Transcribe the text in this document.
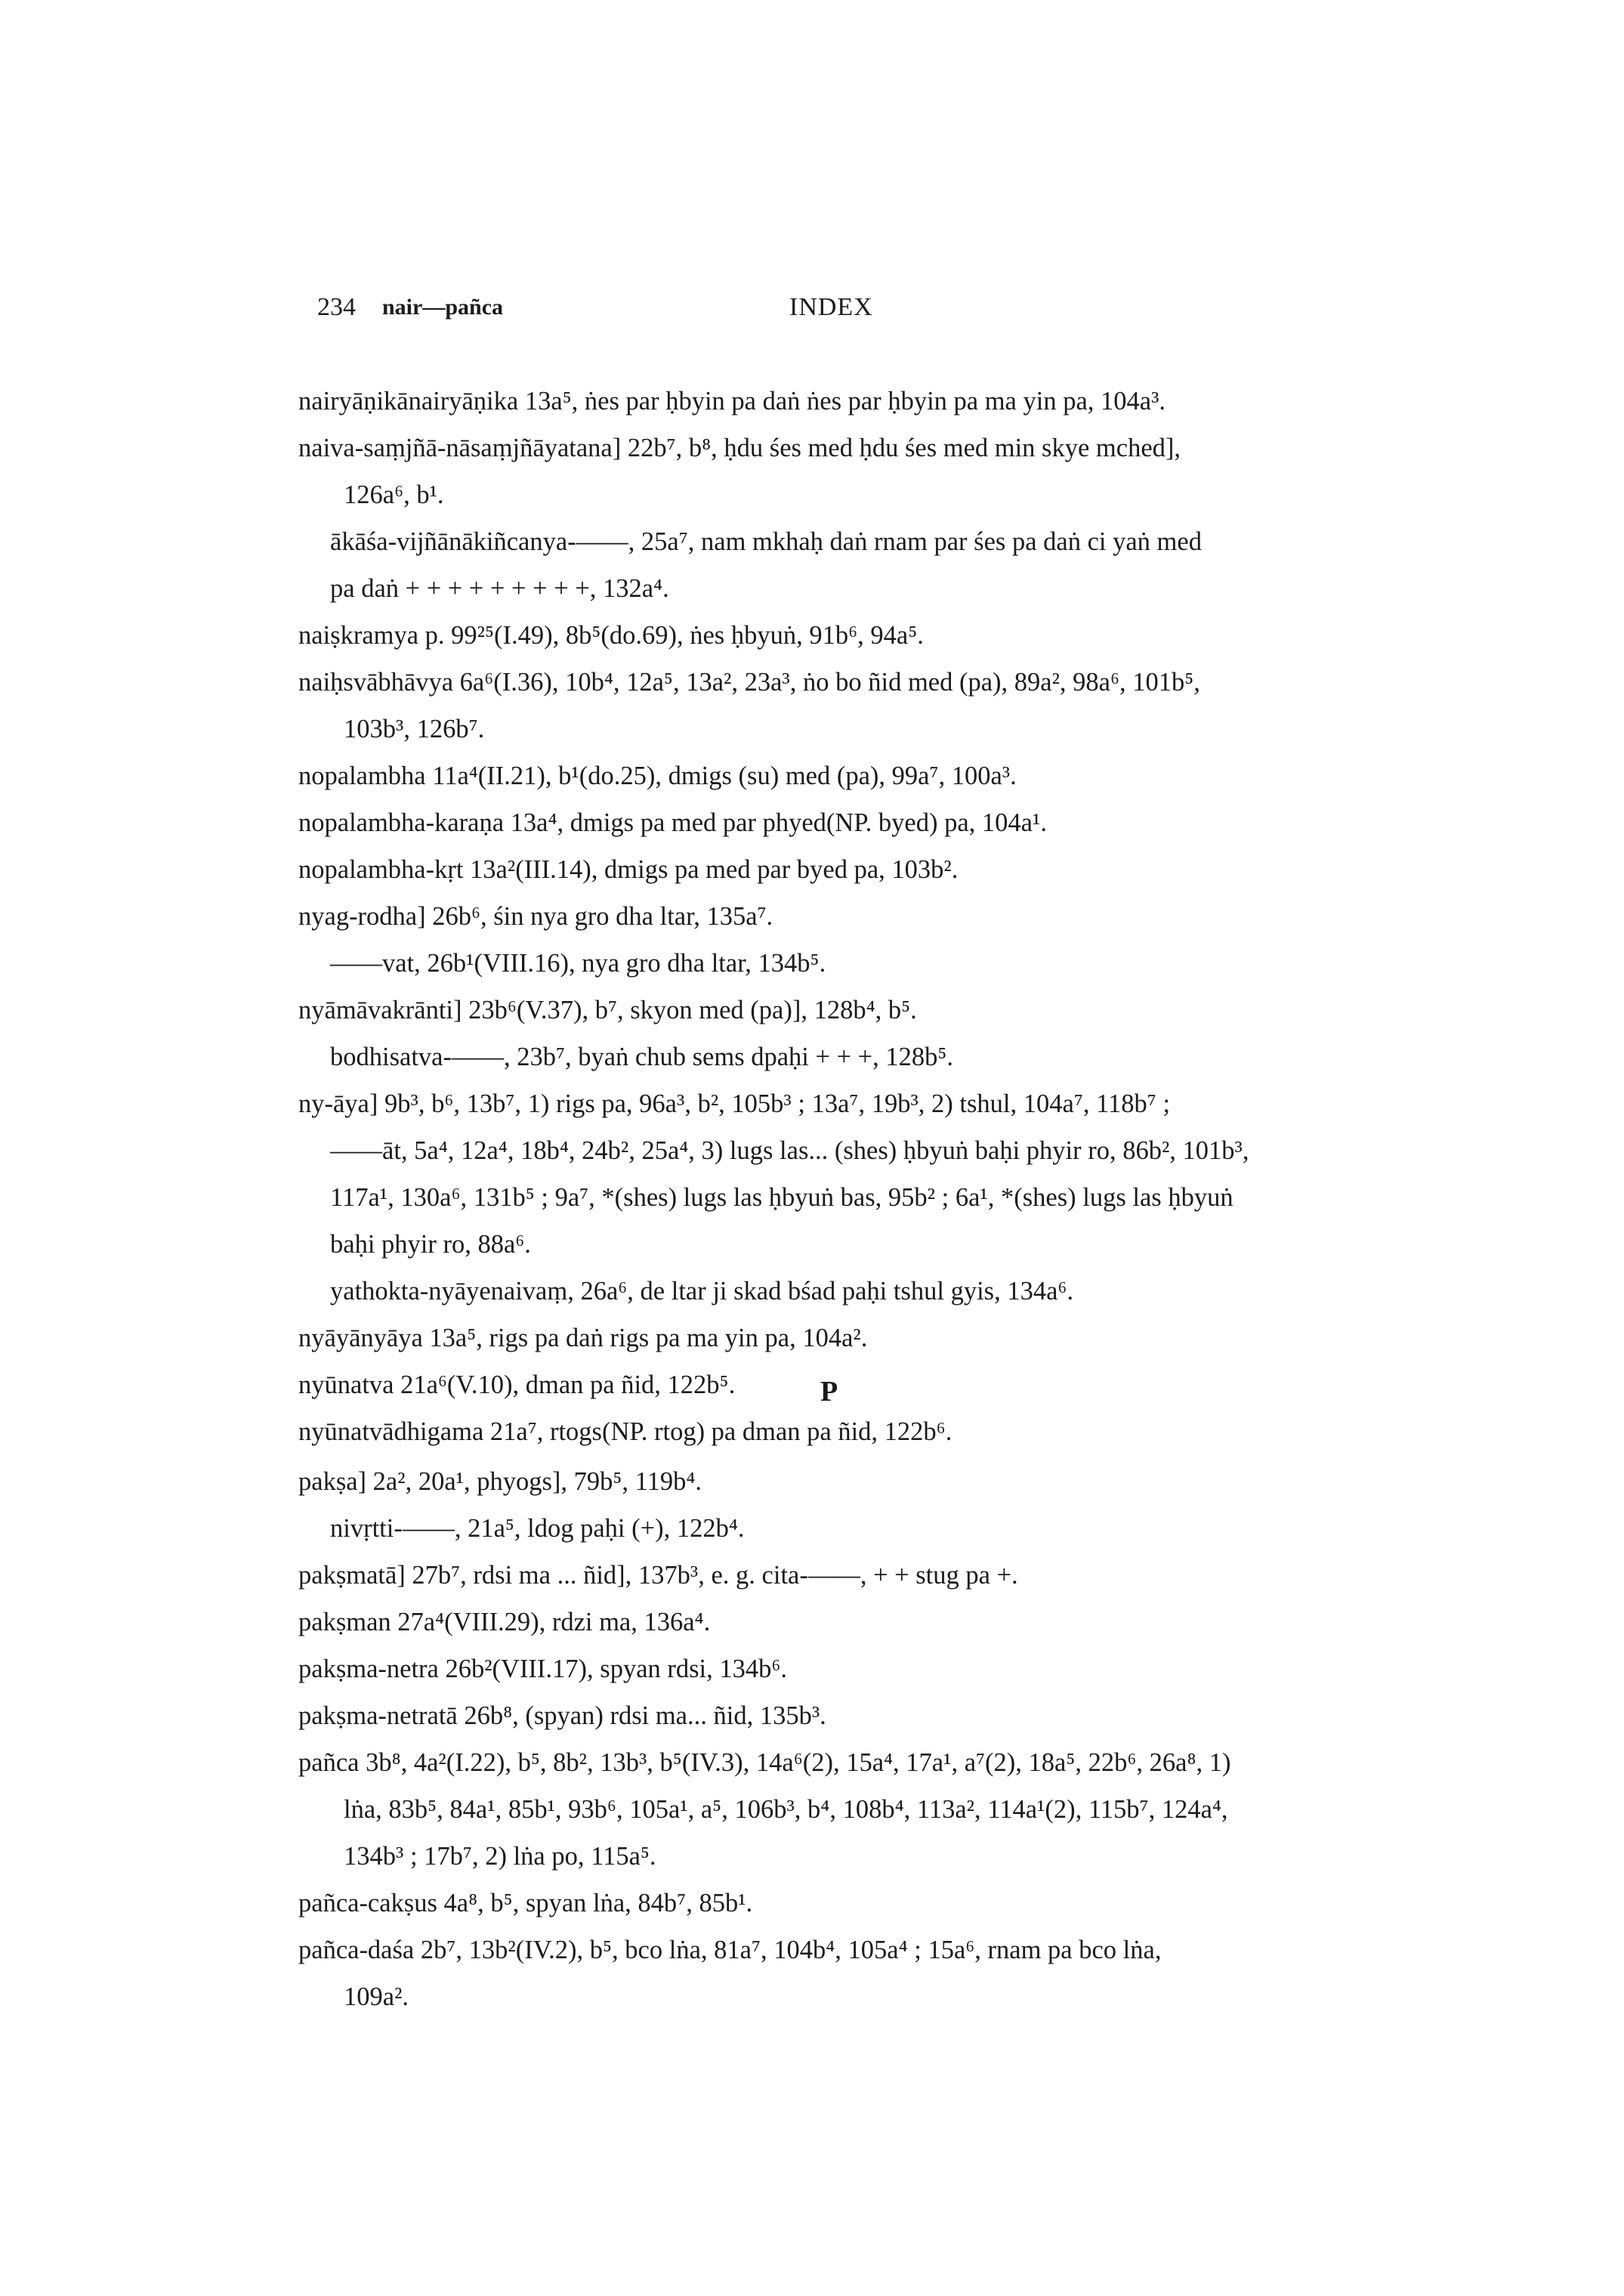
234 nair—pañca	INDEX
nairyāṇikānairyāṇika 13a⁵, ṅes par ḥbyin pa daṅ ṅes par ḥbyin pa ma yin pa, 104a³.
naiva-saṃjñā-nāsaṃjñāyatana] 22b⁷, b⁸, ḥdu śes med ḥdu śes med min skye mched],
126a⁶, b¹.
ākāśa-vijñānākiñcanya-——, 25a⁷, nam mkhaḥ daṅ rnam par śes pa daṅ ci yaṅ med
pa daṅ + + + + + + + + +, 132a⁴.
naiṣkramya p. 99²⁵(I.49), 8b⁵(do.69), ṅes ḥbyuṅ, 91b⁶, 94a⁵.
naiḥsvābhāvya 6a⁶(I.36), 10b⁴, 12a⁵, 13a², 23a³, ṅo bo ñid med (pa), 89a², 98a⁶, 101b⁵,
103b³, 126b⁷.
nopalambha 11a⁴(II.21), b¹(do.25), dmigs (su) med (pa), 99a⁷, 100a³.
nopalambha-karaṇa 13a⁴, dmigs pa med par phyed(NP. byed) pa, 104a¹.
nopalambha-kṛt 13a²(III.14), dmigs pa med par byed pa, 103b².
nyag-rodha] 26b⁶, śin nya gro dha ltar, 135a⁷.
——vat, 26b¹(VIII.16), nya gro dha ltar, 134b⁵.
nyāmāvakrānti] 23b⁶(V.37), b⁷, skyon med (pa)], 128b⁴, b⁵.
bodhisatva-——, 23b⁷, byaṅ chub sems dpaḥi + + +, 128b⁵.
ny-āya] 9b³, b⁶, 13b⁷, 1) rigs pa, 96a³, b², 105b³ ; 13a⁷, 19b³, 2) tshul, 104a⁷, 118b⁷ ;
——āt, 5a⁴, 12a⁴, 18b⁴, 24b², 25a⁴, 3) lugs las... (shes) ḥbyuṅ baḥi phyir ro, 86b², 101b³,
117a¹, 130a⁶, 131b⁵ ; 9a⁷, *(shes) lugs las ḥbyuṅ bas, 95b² ; 6a¹, *(shes) lugs las ḥbyuṅ
baḥi phyir ro, 88a⁶.
yathokta-nyāyenaivaṃ, 26a⁶, de ltar ji skad bśad paḥi tshul gyis, 134a⁶.
nyāyānyāya 13a⁵, rigs pa daṅ rigs pa ma yin pa, 104a².
nyūnatva 21a⁶(V.10), dman pa ñid, 122b⁵.
nyūnatvādhigama 21a⁷, rtogs(NP. rtog) pa dman pa ñid, 122b⁶.
P
pakṣa] 2a², 20a¹, phyogs], 79b⁵, 119b⁴.
nivṛtti-——, 21a⁵, ldog paḥi (+), 122b⁴.
pakṣmatā] 27b⁷, rdsi ma ... ñid], 137b³, e. g. cita-——, + + stug pa +.
pakṣman 27a⁴(VIII.29), rdzi ma, 136a⁴.
pakṣma-netra 26b²(VIII.17), spyan rdsi, 134b⁶.
pakṣma-netratā 26b⁸, (spyan) rdsi ma... ñid, 135b³.
pañca 3b⁸, 4a²(I.22), b⁵, 8b², 13b³, b⁵(IV.3), 14a⁶(2), 15a⁴, 17a¹, a⁷(2), 18a⁵, 22b⁶, 26a⁸, 1)
lṅa, 83b⁵, 84a¹, 85b¹, 93b⁶, 105a¹, a⁵, 106b³, b⁴, 108b⁴, 113a², 114a¹(2), 115b⁷, 124a⁴,
134b³ ; 17b⁷, 2) lṅa po, 115a⁵.
pañca-cakṣus 4a⁸, b⁵, spyan lṅa, 84b⁷, 85b¹.
pañca-daśa 2b⁷, 13b²(IV.2), b⁵, bco lṅa, 81a⁷, 104b⁴, 105a⁴ ; 15a⁶, rnam pa bco lṅa,
109a².
